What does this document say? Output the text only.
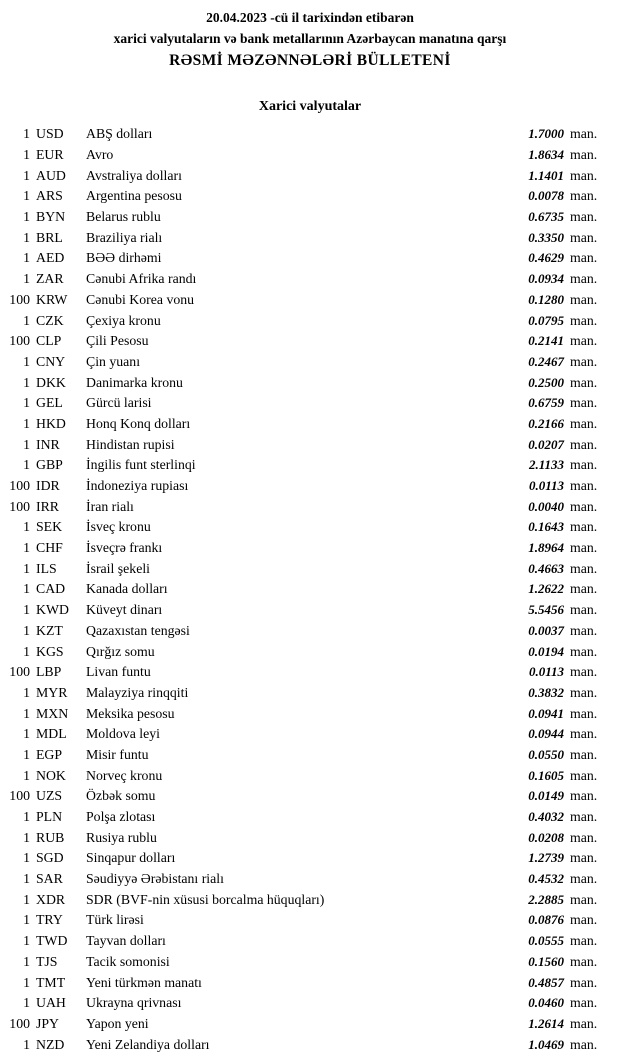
20.04.2023 -cü il tarixindən etibarən
xarici valyutaların və bank metallarının Azərbaycan manatına qarşı
RƏSMİ MƏZƏNNƏLƏRİ BÜLLETENİ
Xarici valyutalar
1 USD	ABŞ dolları	1.7000 man.
1 EUR	Avro	1.8634 man.
1 AUD	Avstraliya dolları	1.1401 man.
1 ARS	Argentina pesosu	0.0078 man.
1 BYN	Belarus rublu	0.6735 man.
1 BRL	Braziliya rialı	0.3350 man.
1 AED	BƏƏ dirhəmi	0.4629 man.
1 ZAR	Cənubi Afrika randı	0.0934 man.
100 KRW	Cənubi Korea vonu	0.1280 man.
1 CZK	Çexiya kronu	0.0795 man.
100 CLP	Çili Pesosu	0.2141 man.
1 CNY	Çin yuanı	0.2467 man.
1 DKK	Danimarka kronu	0.2500 man.
1 GEL	Gürcü larisi	0.6759 man.
1 HKD	Honq Konq dolları	0.2166 man.
1 INR	Hindistan rupisi	0.0207 man.
1 GBP	İngilis funt sterlinqi	2.1133 man.
100 IDR	İndoneziya rupiası	0.0113 man.
100 IRR	İran rialı	0.0040 man.
1 SEK	İsveç kronu	0.1643 man.
1 CHF	İsveçrə frankı	1.8964 man.
1 ILS	İsrail şekeli	0.4663 man.
1 CAD	Kanada dolları	1.2622 man.
1 KWD	Küveyt dinarı	5.5456 man.
1 KZT	Qazaxıstan tengəsi	0.0037 man.
1 KGS	Qırğız somu	0.0194 man.
100 LBP	Livan funtu	0.0113 man.
1 MYR	Malayziya rinqqiti	0.3832 man.
1 MXN	Meksika pesosu	0.0941 man.
1 MDL	Moldova leyi	0.0944 man.
1 EGP	Misir funtu	0.0550 man.
1 NOK	Norveç kronu	0.1605 man.
100 UZS	Özbək somu	0.0149 man.
1 PLN	Polşa zlotası	0.4032 man.
1 RUB	Rusiya rublu	0.0208 man.
1 SGD	Sinqapur dolları	1.2739 man.
1 SAR	Səudiyyə Ərəbistanı rialı	0.4532 man.
1 XDR	SDR (BVF-nin xüsusi borcalma hüquqları)	2.2885 man.
1 TRY	Türk lirəsi	0.0876 man.
1 TWD	Tayvan dolları	0.0555 man.
1 TJS	Tacik somonisi	0.1560 man.
1 TMT	Yeni türkmən manatı	0.4857 man.
1 UAH	Ukrayna qrivnası	0.0460 man.
100 JPY	Yapon yeni	1.2614 man.
1 NZD	Yeni Zelandiya dolları	1.0469 man.
